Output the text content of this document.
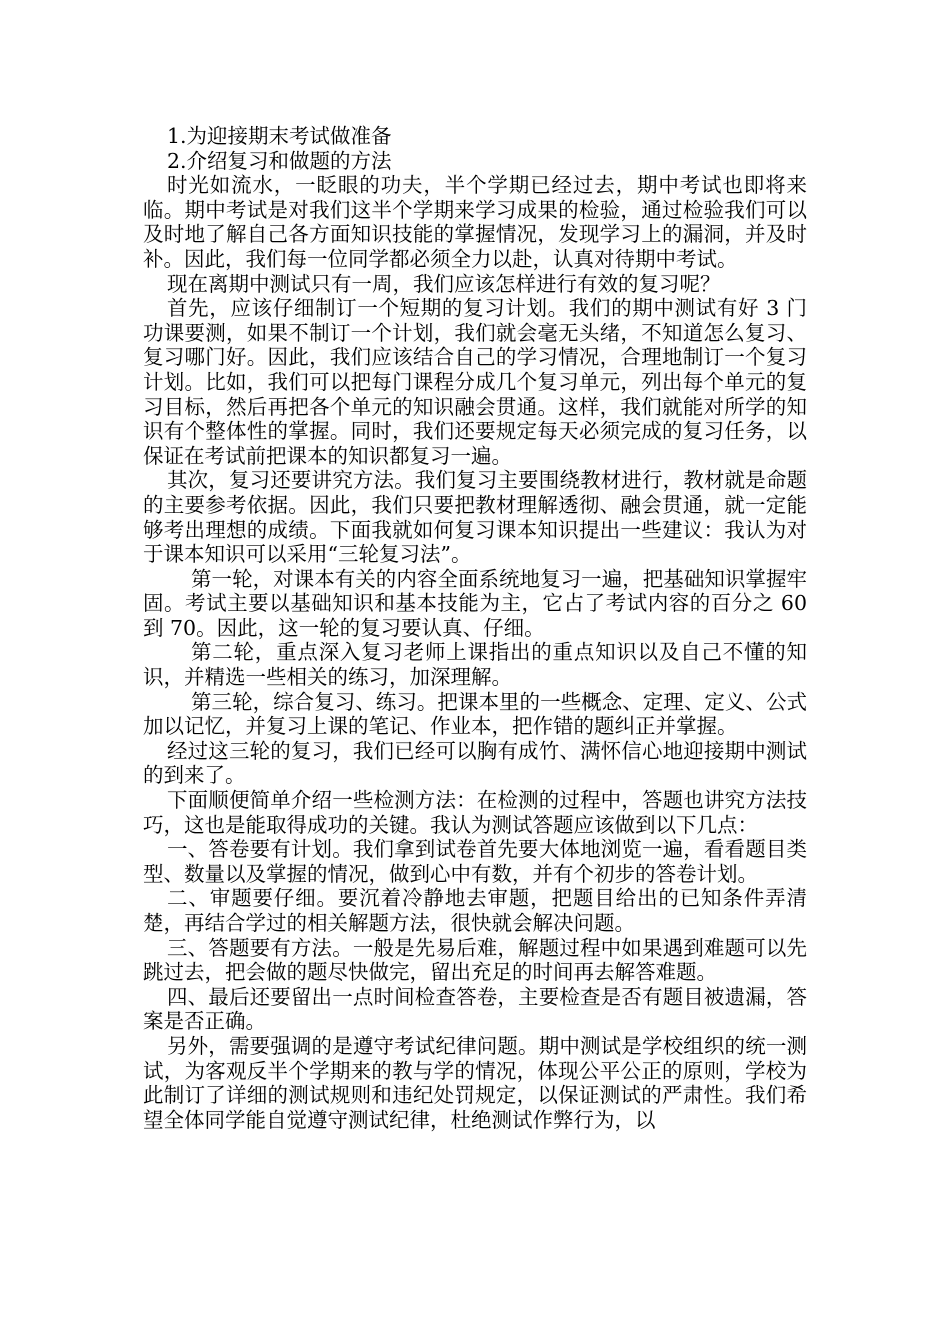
1.为迎接期末考试做准备

2.介绍复习和做题的方法

时光如流水，一眨眼的功夫，半个学期已经过去，期中考试也即将来临。期中考试是对我们这半个学期来学习成果的检验，通过检验我们可以及时地了解自己各方面知识技能的掌握情况，发现学习上的漏洞，并及时补。因此，我们每一位同学都必须全力以赴，认真对待期中考试。

现在离期中测试只有一周，我们应该怎样进行有效的复习呢？

首先，应该仔细制订一个短期的复习计划。我们的期中测试有好 3 门功课要测，如果不制订一个计划，我们就会毫无头绪，不知道怎么复习、复习哪门好。因此，我们应该结合自己的学习情况，合理地制订一个复习计划。比如，我们可以把每门课程分成几个复习单元，列出每个单元的复习目标，然后再把各个单元的知识融会贯通。这样，我们就能对所学的知识有个整体性的掌握。同时，我们还要规定每天必须完成的复习任务，以保证在考试前把课本的知识都复习一遍。

其次，复习还要讲究方法。我们复习主要围绕教材进行，教材就是命题的主要参考依据。因此，我们只要把教材理解透彻、融会贯通，就一定能够考出理想的成绩。下面我就如何复习课本知识提出一些建议：我认为对于课本知识可以采用“三轮复习法”。

第一轮，对课本有关的内容全面系统地复习一遍，把基础知识掌握牢固。考试主要以基础知识和基本技能为主，它占了考试内容的百分之 60 到 70。因此，这一轮的复习要认真、仔细。

第二轮，重点深入复习老师上课指出的重点知识以及自己不懂的知识，并精选一些相关的练习，加深理解。

第三轮，综合复习、练习。把课本里的一些概念、定理、定义、公式加以记忆，并复习上课的笔记、作业本，把作错的题纠正并掌握。

经过这三轮的复习，我们已经可以胸有成竹、满怀信心地迎接期中测试的到来了。

下面顺便简单介绍一些检测方法：在检测的过程中，答题也讲究方法技巧，这也是能取得成功的关键。我认为测试答题应该做到以下几点：

一、答卷要有计划。我们拿到试卷首先要大体地浏览一遍，看看题目类型、数量以及掌握的情况，做到心中有数，并有个初步的答卷计划。

二、审题要仔细。要沉着冷静地去审题，把题目给出的已知条件弄清楚，再结合学过的相关解题方法，很快就会解决问题。

三、答题要有方法。一般是先易后难，解题过程中如果遇到难题可以先跳过去，把会做的题尽快做完，留出充足的时间再去解答难题。

四、最后还要留出一点时间检查答卷，主要检查是否有题目被遗漏，答案是否正确。

另外，需要强调的是遵守考试纪律问题。期中测试是学校组织的统一测试，为客观反半个学期来的教与学的情况，体现公平公正的原则，学校为此制订了详细的测试规则和违纪处罚规定，以保证测试的严肃性。我们希望全体同学能自觉遵守测试纪律，杜绝测试作弊行为，以
